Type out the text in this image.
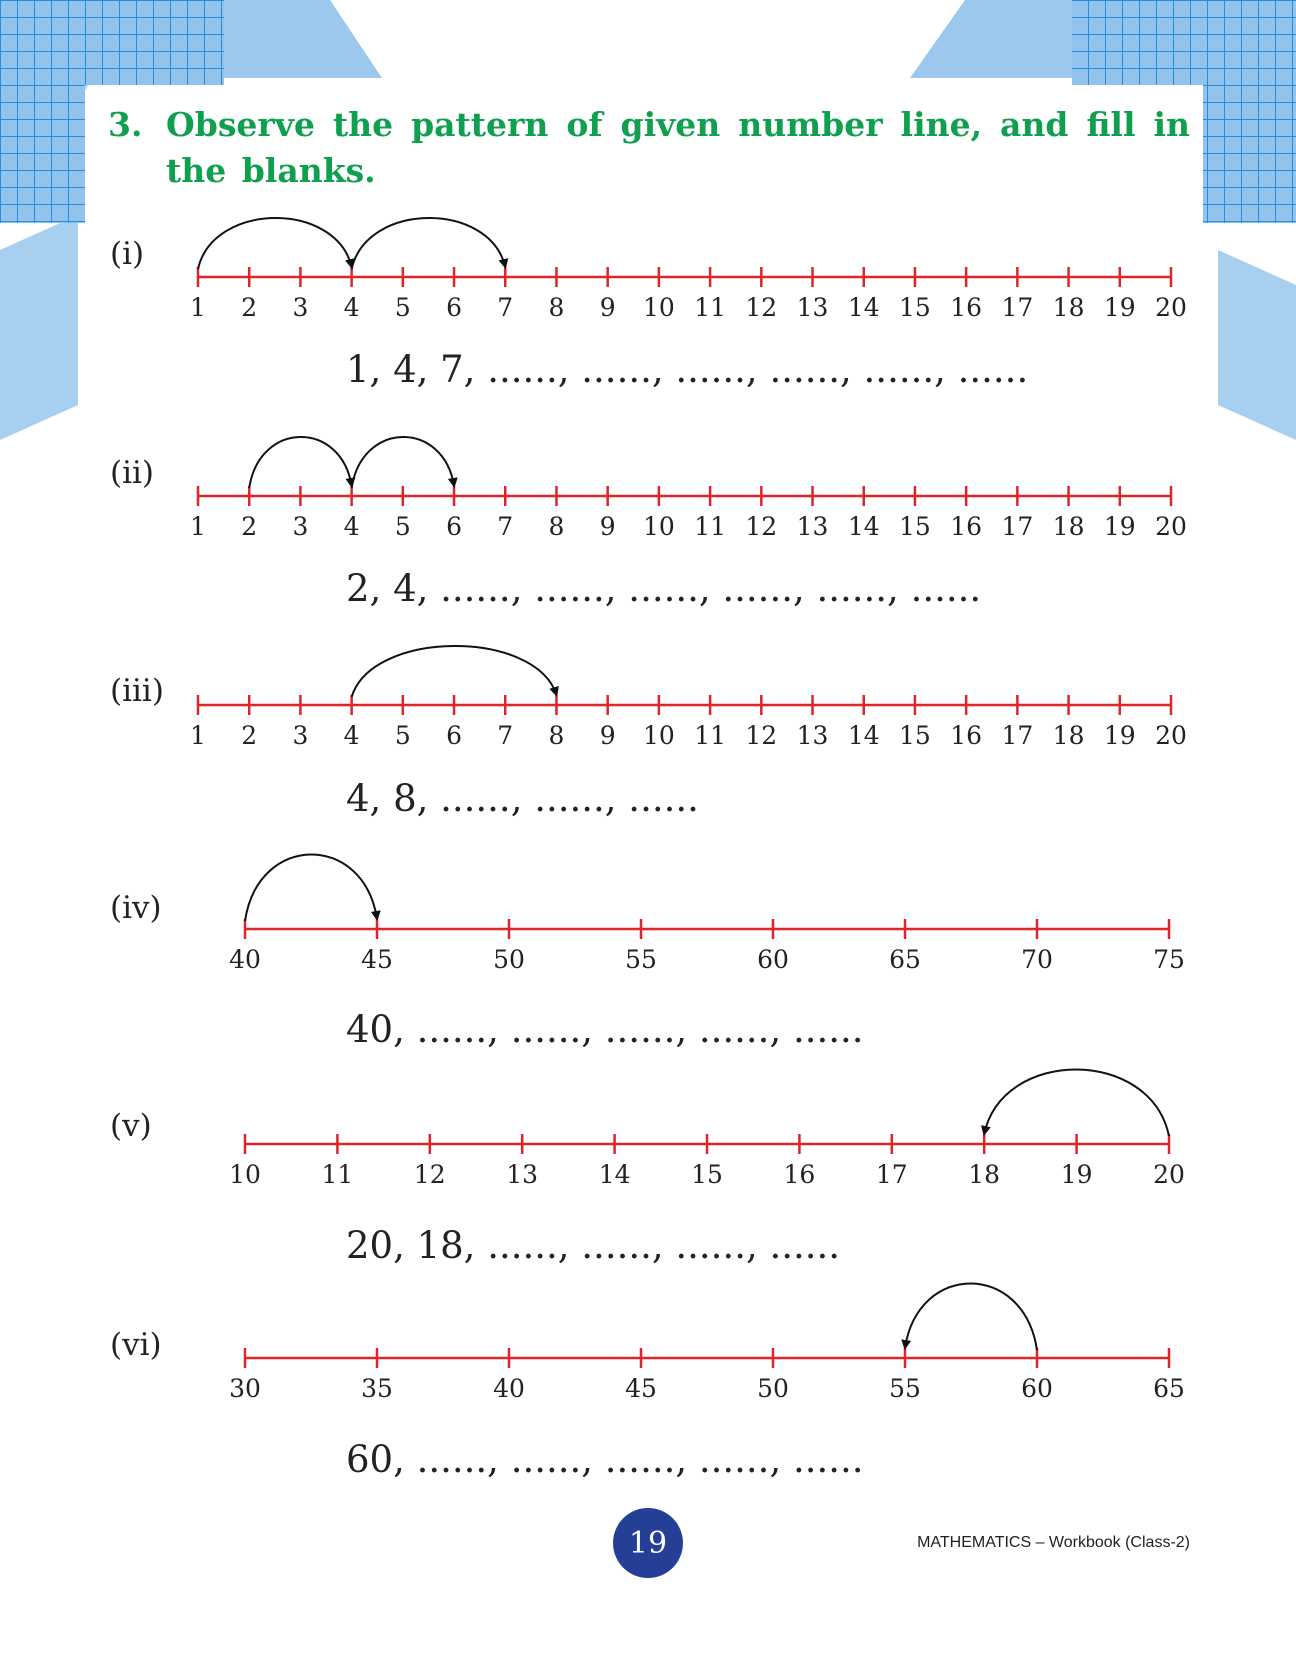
3. Observe the pattern of given number line, and fill in the blanks.
(i)
1 2 3 4 5 6 7 8 9 10 11 12 13 14 15 16 17 18 19 20
1, 4, 7, ......, ......, ......, ......, ......, ......
(ii)
1 2 3 4 5 6 7 8 9 10 11 12 13 14 15 16 17 18 19 20
2, 4, ......, ......, ......, ......, ......, ......
(iii)
1 2 3 4 5 6 7 8 9 10 11 12 13 14 15 16 17 18 19 20
4, 8, ......, ......, ......
(iv)
40	45	50	55	60	65	70	75
40, ......, ......, ......, ......, ......
(v)
10 11 12 13 14 15 16 17 18 19 20
20, 18, ......, ......, ......, ......
(vi)
30	35	40	45	50	55	60	65
60, ......, ......, ......, ......, ......
19	MATHEMATICS – Workbook (Class-2)
